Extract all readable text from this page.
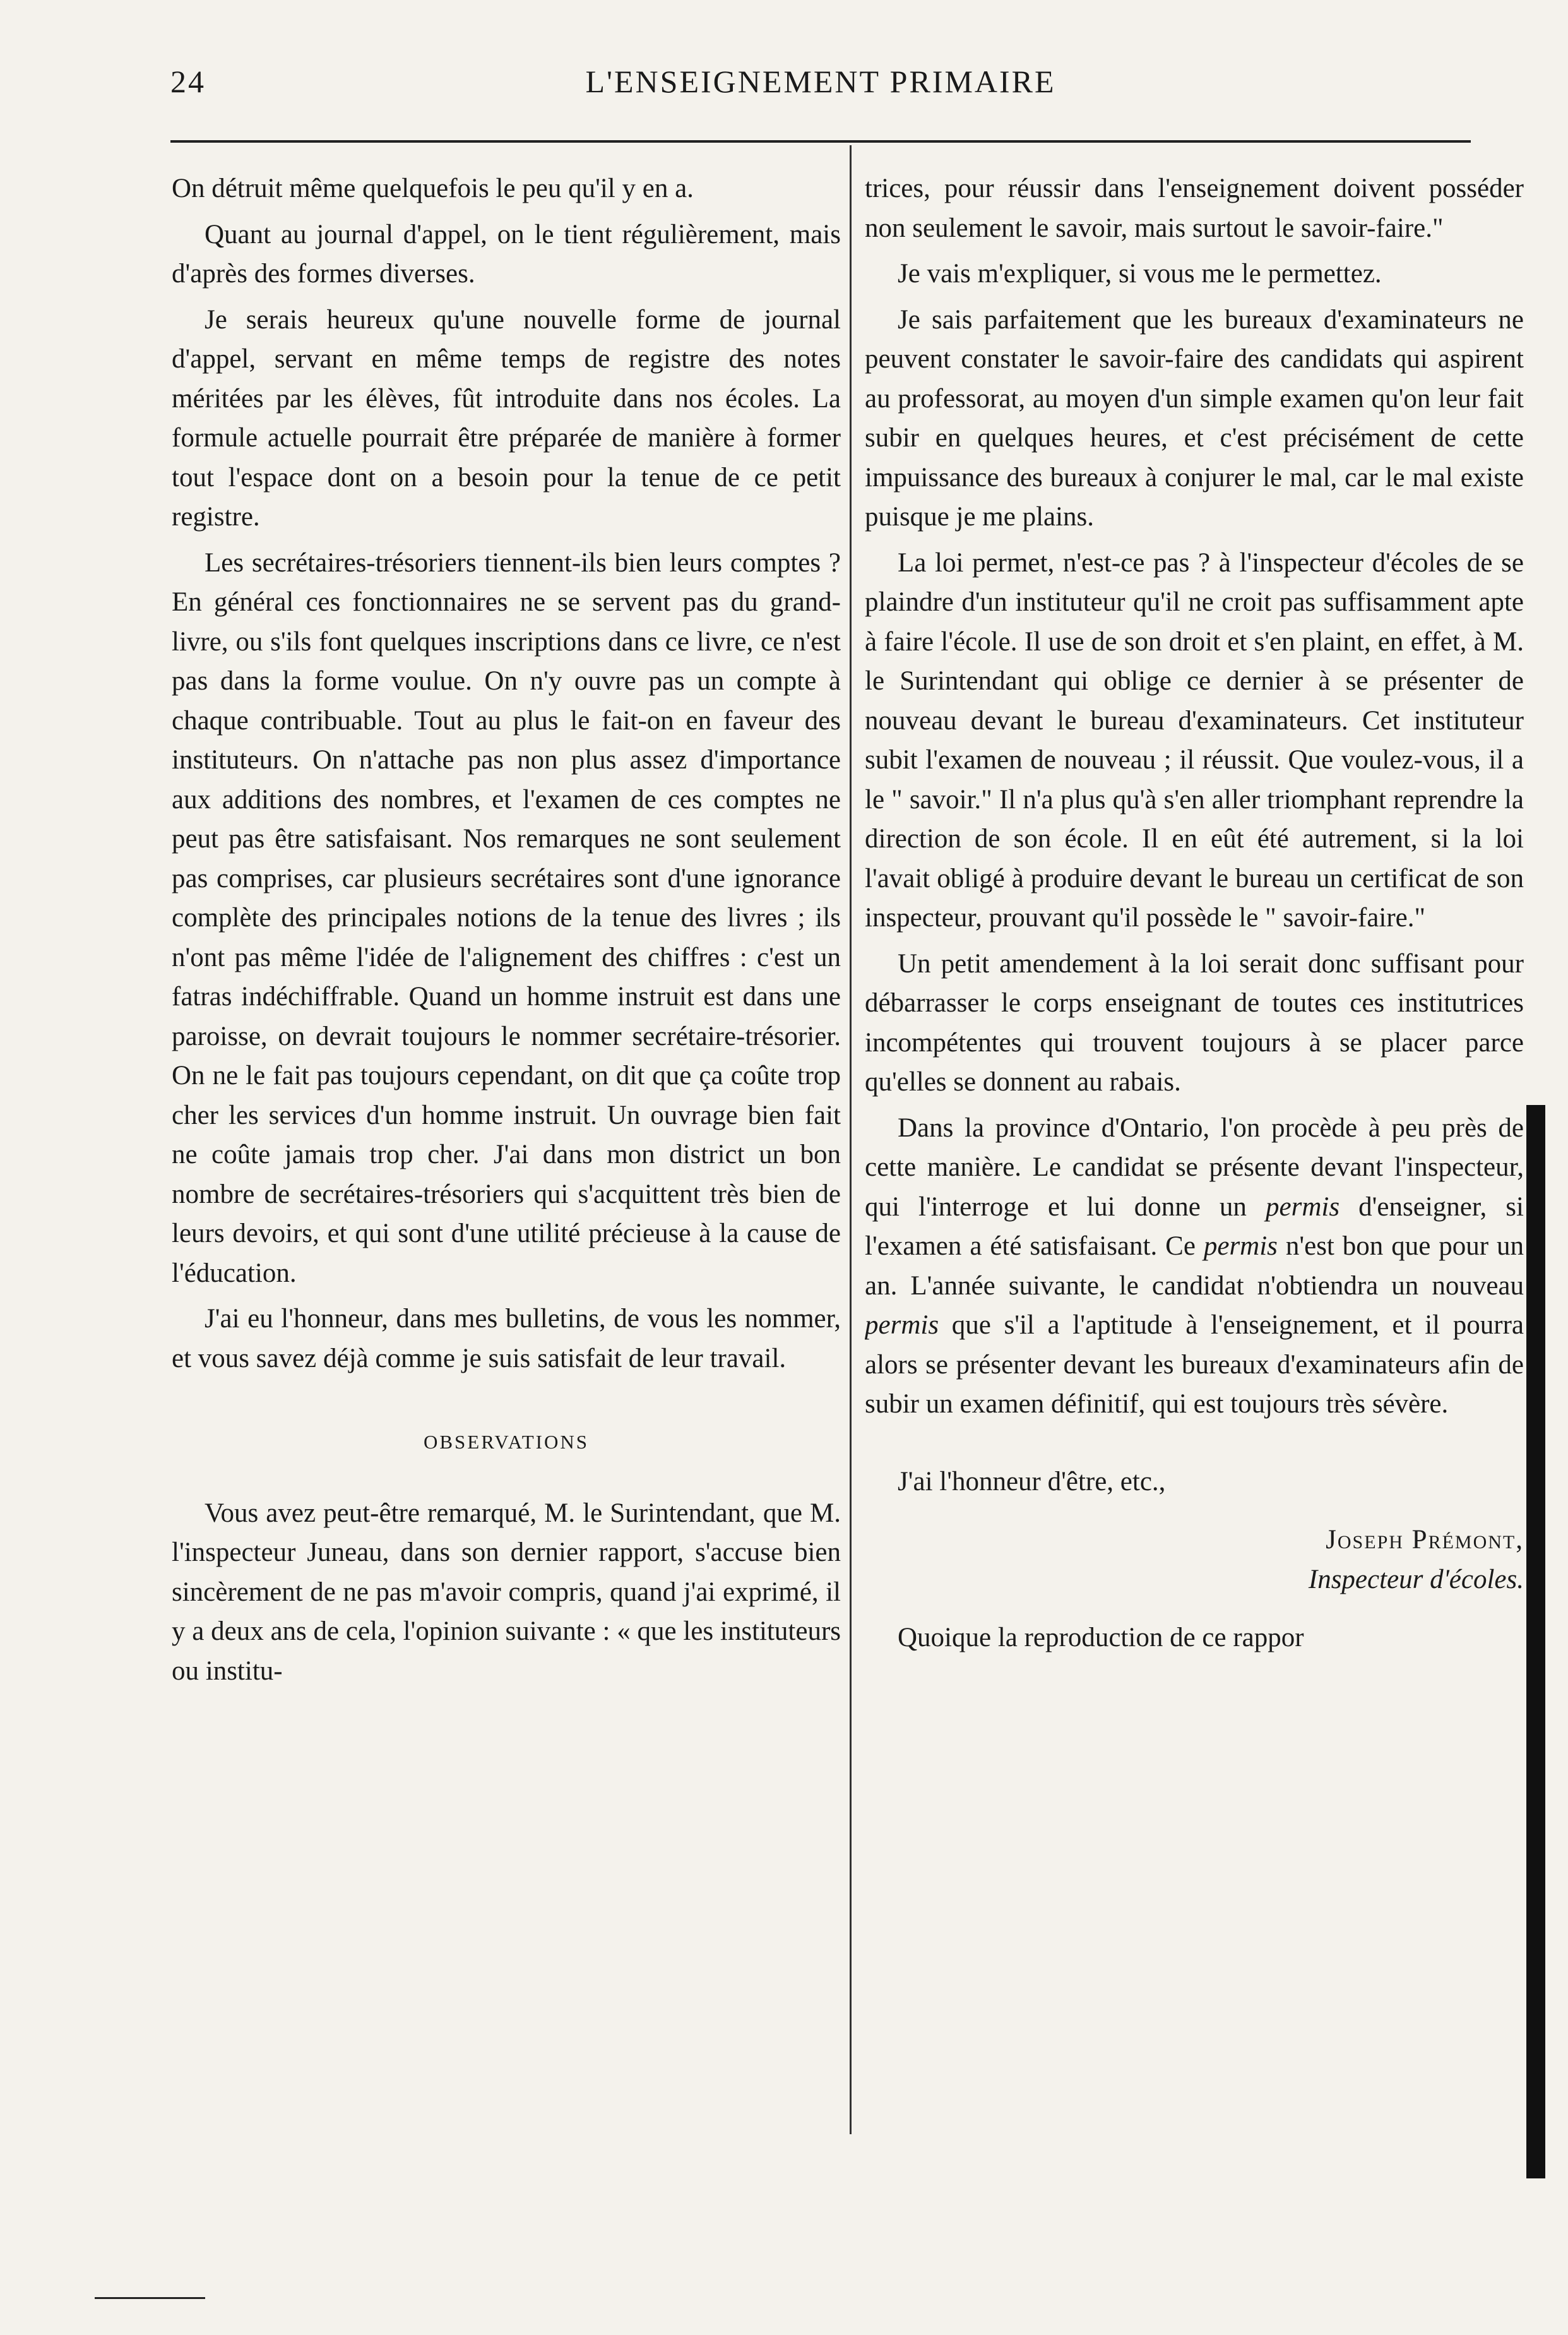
24	L'ENSEIGNEMENT PRIMAIRE

On détruit même quelquefois le peu qu'il y en a.

Quant au journal d'appel, on le tient régulièrement, mais d'après des formes diverses.

Je serais heureux qu'une nouvelle forme de journal d'appel, servant en même temps de registre des notes méritées par les élèves, fût introduite dans nos écoles. La formule actuelle pourrait être préparée de manière à former tout l'espace dont on a besoin pour la tenue de ce petit registre.

Les secrétaires-trésoriers tiennent-ils bien leurs comptes ? En général ces fonctionnaires ne se servent pas du grand-livre, ou s'ils font quelques inscriptions dans ce livre, ce n'est pas dans la forme voulue. On n'y ouvre pas un compte à chaque contribuable. Tout au plus le fait-on en faveur des instituteurs. On n'attache pas non plus assez d'importance aux additions des nombres, et l'examen de ces comptes ne peut pas être satisfaisant. Nos remarques ne sont seulement pas comprises, car plusieurs secrétaires sont d'une ignorance complète des principales notions de la tenue des livres ; ils n'ont pas même l'idée de l'alignement des chiffres : c'est un fatras indéchiffrable. Quand un homme instruit est dans une paroisse, on devrait toujours le nommer secrétaire-trésorier. On ne le fait pas toujours cependant, on dit que ça coûte trop cher les services d'un homme instruit. Un ouvrage bien fait ne coûte jamais trop cher. J'ai dans mon district un bon nombre de secrétaires-trésoriers qui s'acquittent très bien de leurs devoirs, et qui sont d'une utilité précieuse à la cause de l'éducation.

J'ai eu l'honneur, dans mes bulletins, de vous les nommer, et vous savez déjà comme je suis satisfait de leur travail.

OBSERVATIONS

Vous avez peut-être remarqué, M. le Surintendant, que M. l'inspecteur Juneau, dans son dernier rapport, s'accuse bien sincèrement de ne pas m'avoir compris, quand j'ai exprimé, il y a deux ans de cela, l'opinion suivante : « que les instituteurs ou institu-

trices, pour réussir dans l'enseignement doivent posséder non seulement le savoir, mais surtout le savoir-faire."

Je vais m'expliquer, si vous me le permettez.

Je sais parfaitement que les bureaux d'examinateurs ne peuvent constater le savoir-faire des candidats qui aspirent au professorat, au moyen d'un simple examen qu'on leur fait subir en quelques heures, et c'est précisément de cette impuissance des bureaux à conjurer le mal, car le mal existe puisque je me plains.

La loi permet, n'est-ce pas ? à l'inspecteur d'écoles de se plaindre d'un instituteur qu'il ne croit pas suffisamment apte à faire l'école. Il use de son droit et s'en plaint, en effet, à M. le Surintendant qui oblige ce dernier à se présenter de nouveau devant le bureau d'examinateurs. Cet instituteur subit l'examen de nouveau ; il réussit. Que voulez-vous, il a le " savoir." Il n'a plus qu'à s'en aller triomphant reprendre la direction de son école. Il en eût été autrement, si la loi l'avait obligé à produire devant le bureau un certificat de son inspecteur, prouvant qu'il possède le " savoir-faire."

Un petit amendement à la loi serait donc suffisant pour débarrasser le corps enseignant de toutes ces institutrices incompétentes qui trouvent toujours à se placer parce qu'elles se donnent au rabais.

Dans la province d'Ontario, l'on procède à peu près de cette manière. Le candidat se présente devant l'inspecteur, qui l'interroge et lui donne un permis d'enseigner, si l'examen a été satisfaisant. Ce permis n'est bon que pour un an. L'année suivante, le candidat n'obtiendra un nouveau permis que s'il a l'aptitude à l'enseignement, et il pourra alors se présenter devant les bureaux d'examinateurs afin de subir un examen définitif, qui est toujours très sévère.

J'ai l'honneur d'être, etc.,

Joseph Prémont,

Inspecteur d'écoles.

Quoique la reproduction de ce rappor
